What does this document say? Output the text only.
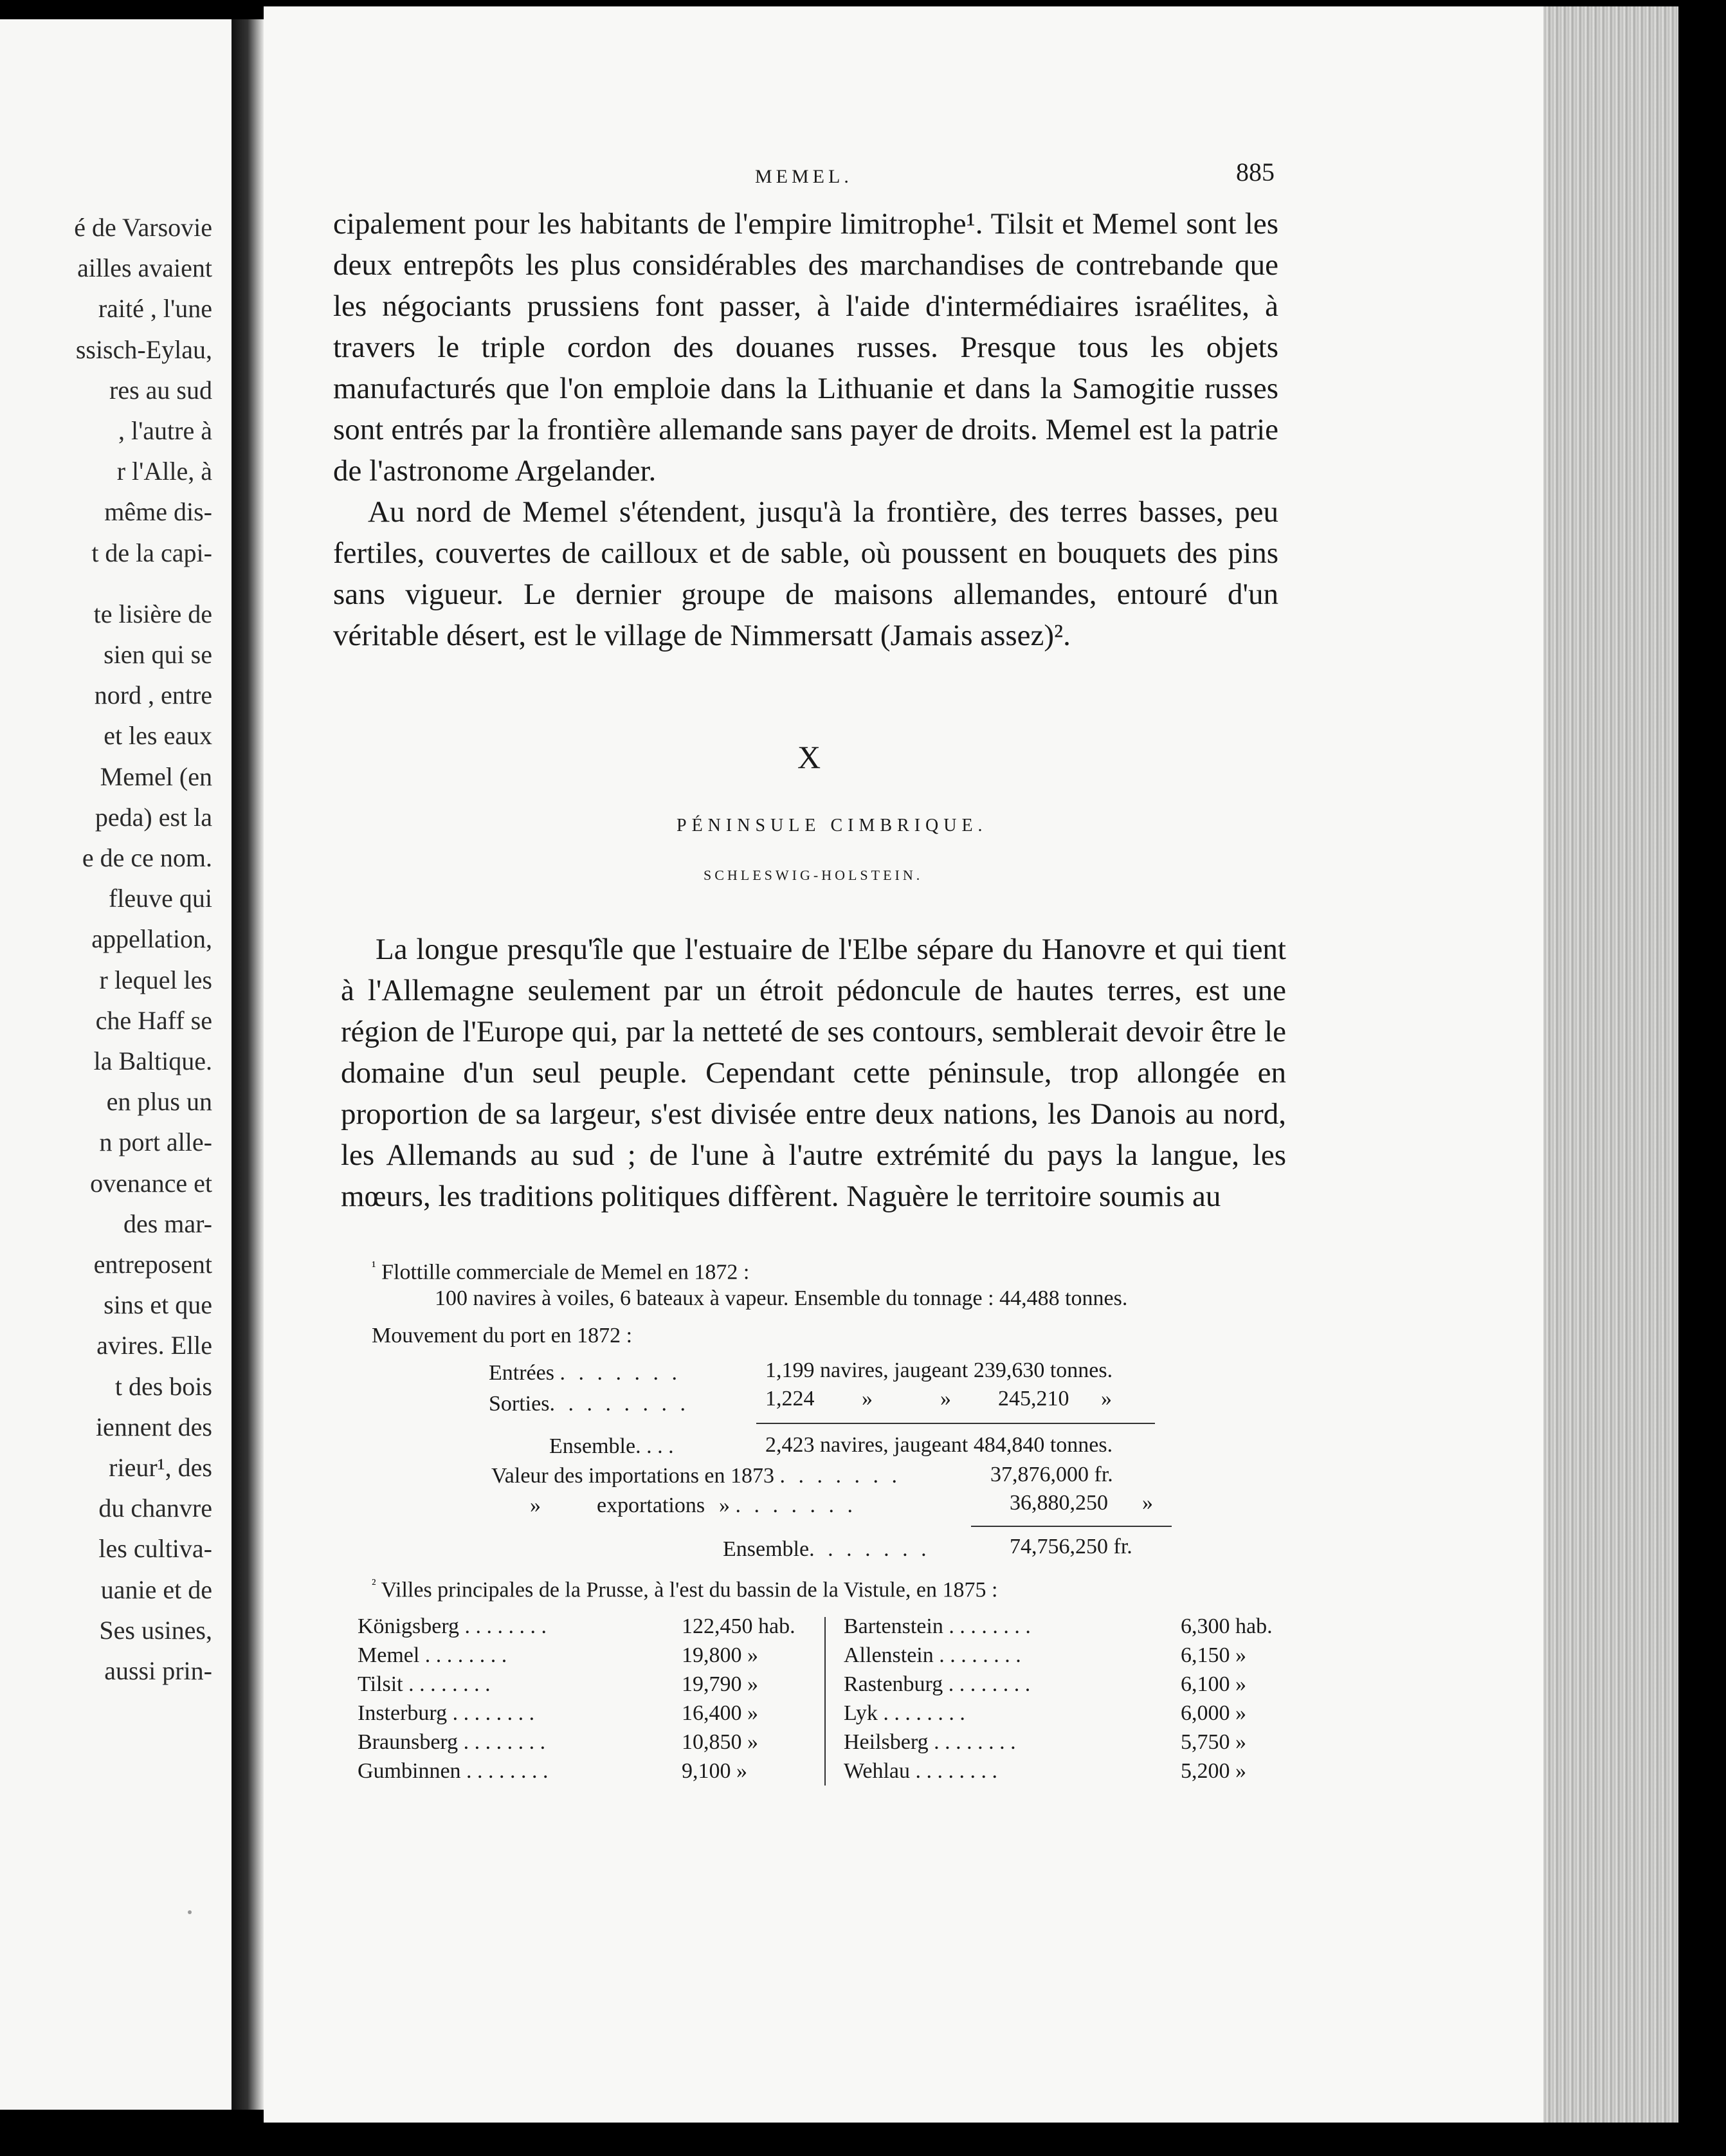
é de Varsovie
ailles avaient
raité , l'une
ssisch-Eylau,
res au sud
, l'autre à
r l'Alle, à
même dis-
t de la capi-
te lisière de
sien qui se
nord , entre
et les eaux
Memel (en
peda) est la
e de ce nom.
fleuve qui
appellation,
r lequel les
che Haff se
la Baltique.
en plus un
n port alle-
ovenance et
des mar-
entreposent
sins et que
avires. Elle
t des bois
iennent des
rieur¹, des
du chanvre
les cultiva-
uanie et de
Ses usines,
aussi prin-
MEMEL.	885

cipalement pour les habitants de l'empire limitrophe¹. Tilsit et Memel sont les deux entrepôts les plus considérables des marchandises de contrebande que les négociants prussiens font passer, à l'aide d'intermédiaires israélites, à travers le triple cordon des douanes russes. Presque tous les objets manufacturés que l'on emploie dans la Lithuanie et dans la Samogitie russes sont entrés par la frontière allemande sans payer de droits. Memel est la patrie de l'astronome Argelander.

Au nord de Memel s'étendent, jusqu'à la frontière, des terres basses, peu fertiles, couvertes de cailloux et de sable, où poussent en bouquets des pins sans vigueur. Le dernier groupe de maisons allemandes, entouré d'un véritable désert, est le village de Nimmersatt (Jamais assez)².

X
PÉNINSULE CIMBRIQUE.
SCHLESWIG-HOLSTEIN.

La longue presqu'île que l'estuaire de l'Elbe sépare du Hanovre et qui tient à l'Allemagne seulement par un étroit pédoncule de hautes terres, est une région de l'Europe qui, par la netteté de ses contours, semblerait devoir être le domaine d'un seul peuple. Cependant cette péninsule, trop allongée en proportion de sa largeur, s'est divisée entre deux nations, les Danois au nord, les Allemands au sud ; de l'une à l'autre extrémité du pays la langue, les mœurs, les traditions politiques diffèrent. Naguère le territoire soumis au

$^{^1}$ Flottille commerciale de Memel en 1872 :
100 navires à voiles, 6 bateaux à vapeur. Ensemble du tonnage : 44,488 tonnes.
Mouvement du port en 1872 :
Entrées . . . . . . .	1,199 navires, jaugeant 239,630 tonnes.
Sorties. . . . . . . .	1,224 »	» 245,210 »
Ensemble. . . .	2,423 navires, jaugeant 484,840 tonnes.
Valeur des importations en 1873 . . . . . . .	37,876,000 fr.
»	exportations » . . . . . . .	36,880,250 »
Ensemble. . . . . . .	74,756,250 fr.
$^{^2}$ Villes principales de la Prusse, à l'est du bassin de la Vistule, en 1875 :
Königsberg . . . . . . . .	122,450 hab.
Memel . . . . . . . .	19,800 »
Tilsit . . . . . . . .	19,790 »
Insterburg . . . . . . . .	16,400 »
Braunsberg . . . . . . . .	10,850 »
Gumbinnen . . . . . . . .	9,100 »
Bartenstein . . . . . . . .	6,300 hab.
Allenstein . . . . . . . .	6,150 »
Rastenburg . . . . . . . .	6,100 »
Lyk . . . . . . . .	6,000 »
Heilsberg . . . . . . . .	5,750 »
Wehlau . . . . . . . .	5,200 »
